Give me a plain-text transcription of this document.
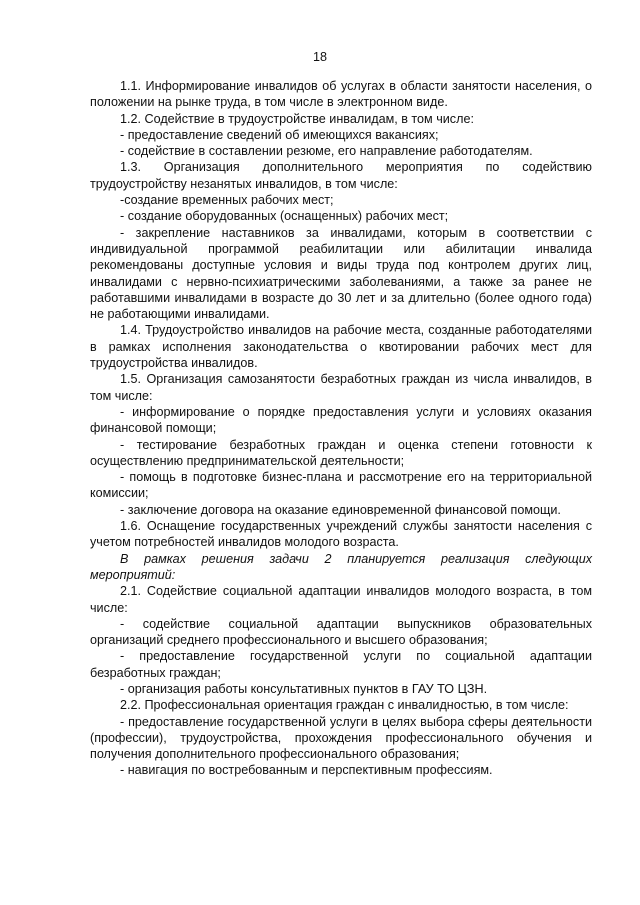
18

1.1. Информирование инвалидов об услугах в области занятости населения, о положении на рынке труда, в том числе в электронном виде.

1.2. Содействие в трудоустройстве инвалидам, в том числе:

- предоставление сведений об имеющихся вакансиях;

- содействие в составлении резюме, его направление работодателям.

1.3. Организация дополнительного мероприятия по содействию трудоустройству незанятых инвалидов, в том числе:

-создание временных рабочих мест;

- создание оборудованных (оснащенных) рабочих мест;

- закрепление наставников за инвалидами, которым в соответствии с индивидуальной программой реабилитации или абилитации инвалида рекомендованы доступные условия и виды труда под контролем других лиц, инвалидами с нервно-психиатрическими заболеваниями, а также за ранее не работавшими инвалидами в возрасте до 30 лет и за длительно (более одного года) не работающими инвалидами.

1.4. Трудоустройство инвалидов на рабочие места, созданные работодателями в рамках исполнения законодательства о квотировании рабочих мест для трудоустройства инвалидов.

1.5. Организация самозанятости безработных граждан из числа инвалидов, в том числе:

- информирование о порядке предоставления услуги и условиях оказания финансовой помощи;

- тестирование безработных граждан и оценка степени готовности к осуществлению предпринимательской деятельности;

- помощь в подготовке бизнес-плана и рассмотрение его на территориальной комиссии;

- заключение договора на оказание единовременной финансовой помощи.

1.6. Оснащение государственных учреждений службы занятости населения с учетом потребностей инвалидов молодого возраста.

В рамках решения задачи 2 планируется реализация следующих мероприятий:

2.1. Содействие социальной адаптации инвалидов молодого возраста, в том числе:

- содействие социальной адаптации выпускников образовательных организаций среднего профессионального и высшего образования;

- предоставление государственной услуги по социальной адаптации безработных граждан;

- организация работы консультативных пунктов в ГАУ ТО ЦЗН.

2.2. Профессиональная ориентация граждан с инвалидностью, в том числе:

- предоставление государственной услуги в целях выбора сферы деятельности (профессии), трудоустройства, прохождения профессионального обучения и получения дополнительного профессионального образования;

- навигация по востребованным и перспективным профессиям.
